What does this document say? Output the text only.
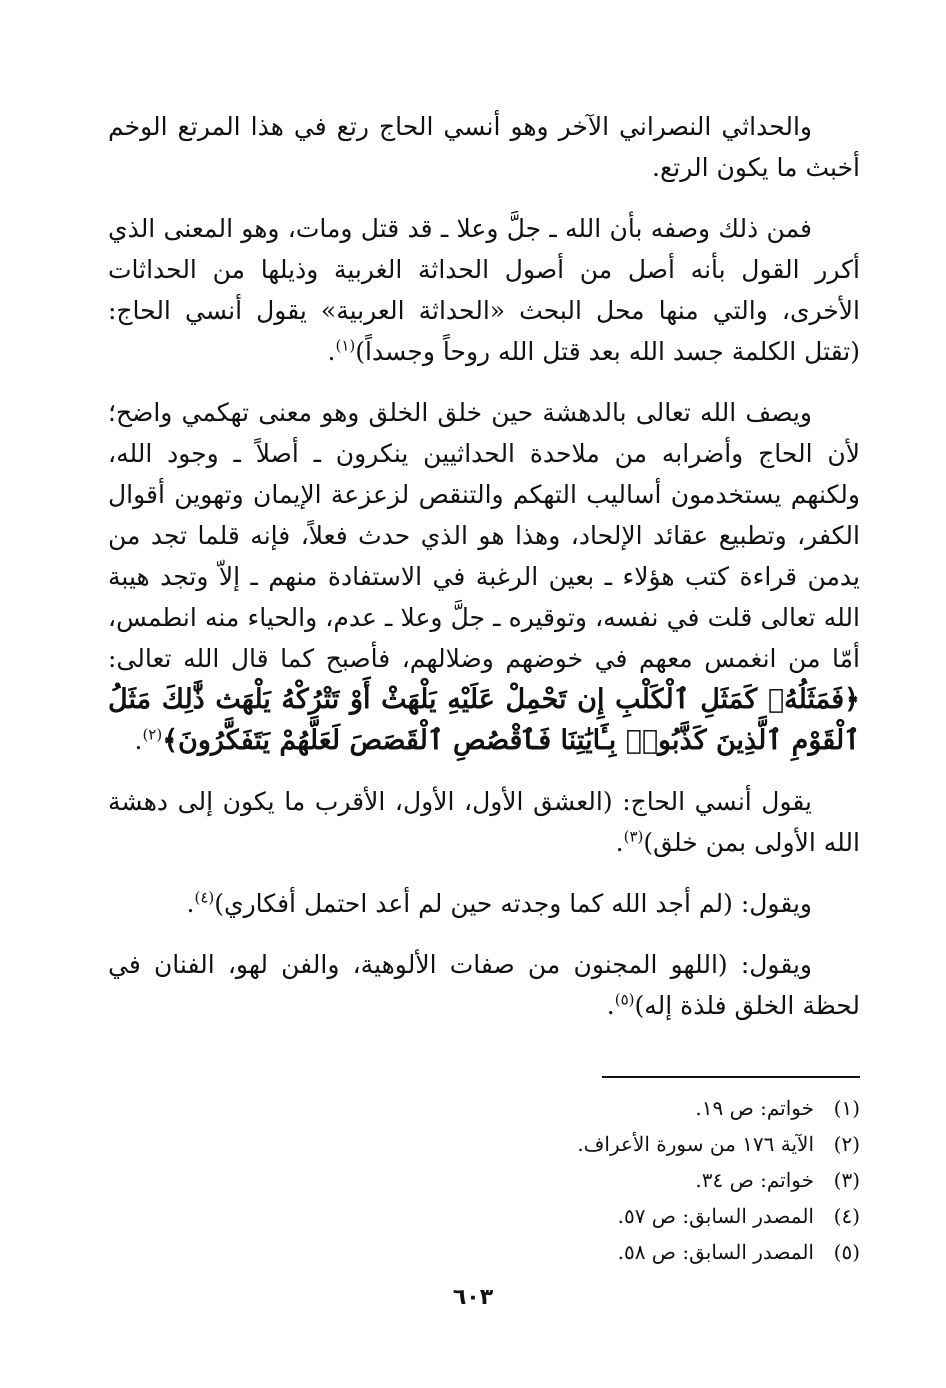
والحداثي النصراني الآخر وهو أنسي الحاج رتع في هذا المرتع الوخم أخبث ما يكون الرتع.

فمن ذلك وصفه بأن الله ـ جلَّ وعلا ـ قد قتل ومات، وهو المعنى الذي أكرر القول بأنه أصل من أصول الحداثة الغربية وذيلها من الحداثات الأخرى، والتي منها محل البحث «الحداثة العربية» يقول أنسي الحاج: (تقتل الكلمة جسد الله بعد قتل الله روحاً وجسداً)$^{(١)}$.

ويصف الله تعالى بالدهشة حين خلق الخلق وهو معنى تهكمي واضح؛ لأن الحاج وأضرابه من ملاحدة الحداثيين ينكرون ـ أصلاً ـ وجود الله، ولكنهم يستخدمون أساليب التهكم والتنقص لزعزعة الإيمان وتهوين أقوال الكفر، وتطبيع عقائد الإلحاد، وهذا هو الذي حدث فعلاً، فإنه قلما تجد من يدمن قراءة كتب هؤلاء ـ بعين الرغبة في الاستفادة منهم ـ إلاّ وتجد هيبة الله تعالى قلت في نفسه، وتوقيره ـ جلَّ وعلا ـ عدم، والحياء منه انطمس، أمّا من انغمس معهم في خوضهم وضلالهم، فأصبح كما قال الله تعالى: ﴿فَمَثَلُهُۥ كَمَثَلِ ٱلْكَلْبِ إِن تَحْمِلْ عَلَيْهِ يَلْهَثْ أَوْ تَتْرُكْهُ يَلْهَث ذَّٰلِكَ مَثَلُ ٱلْقَوْمِ ٱلَّذِينَ كَذَّبُوا۟ بِـَٔايَٰتِنَا فَٱقْصُصِ ٱلْقَصَصَ لَعَلَّهُمْ يَتَفَكَّرُونَ﴾$^{(٢)}$.

يقول أنسي الحاج: (العشق الأول، الأول، الأقرب ما يكون إلى دهشة الله الأولى بمن خلق)$^{(٣)}$.

ويقول: (لم أجد الله كما وجدته حين لم أعد احتمل أفكاري)$^{(٤)}$.

ويقول: (اللهو المجنون من صفات الألوهية، والفن لهو، الفنان في لحظة الخلق فلذة إله)$^{(٥)}$.

(١)خواتم: ص ١٩.
(٢)الآية ١٧٦ من سورة الأعراف.
(٣)خواتم: ص ٣٤.
(٤)المصدر السابق: ص ٥٧.
(٥)المصدر السابق: ص ٥٨.
٦٠٣
